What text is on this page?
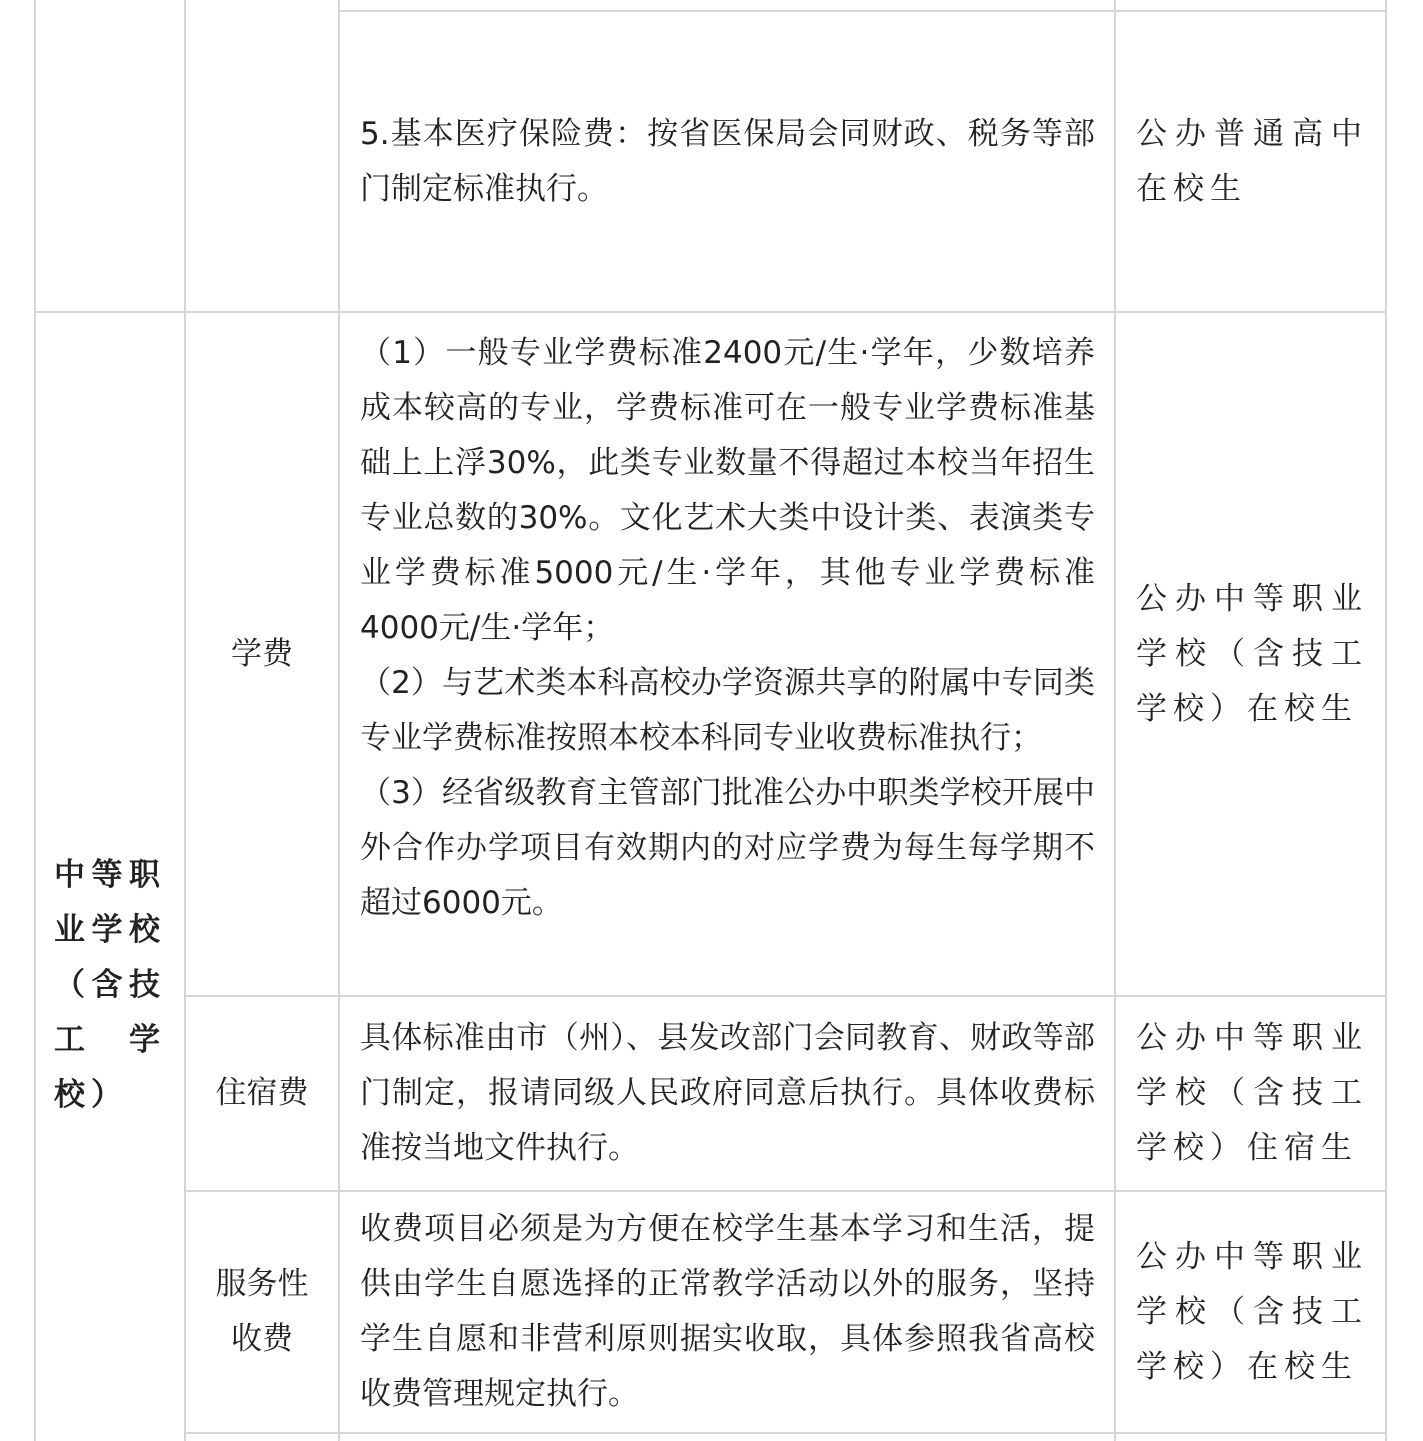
5.基本医疗保险费：按省医保局会同财政、税务等部门制定标准执行。
公办普通高中在校生
中等职业学校（含技工学校）
学费
（1）一般专业学费标准2400元/生·学年，少数培养成本较高的专业，学费标准可在一般专业学费标准基础上上浮30%，此类专业数量不得超过本校当年招生专业总数的30%。文化艺术大类中设计类、表演类专业学费标准5000元/生·学年，其他专业学费标准4000元/生·学年；
（2）与艺术类本科高校办学资源共享的附属中专同类专业学费标准按照本校本科同专业收费标准执行；
（3）经省级教育主管部门批准公办中职类学校开展中外合作办学项目有效期内的对应学费为每生每学期不超过6000元。
公办中等职业学校（含技工学校）在校生
住宿费
具体标准由市（州）、县发改部门会同教育、财政等部门制定，报请同级人民政府同意后执行。具体收费标准按当地文件执行。
公办中等职业学校（含技工学校）住宿生
服务性收费
收费项目必须是为方便在校学生基本学习和生活，提供由学生自愿选择的正常教学活动以外的服务，坚持学生自愿和非营利原则据实收取，具体参照我省高校收费管理规定执行。
公办中等职业学校（含技工学校）在校生
